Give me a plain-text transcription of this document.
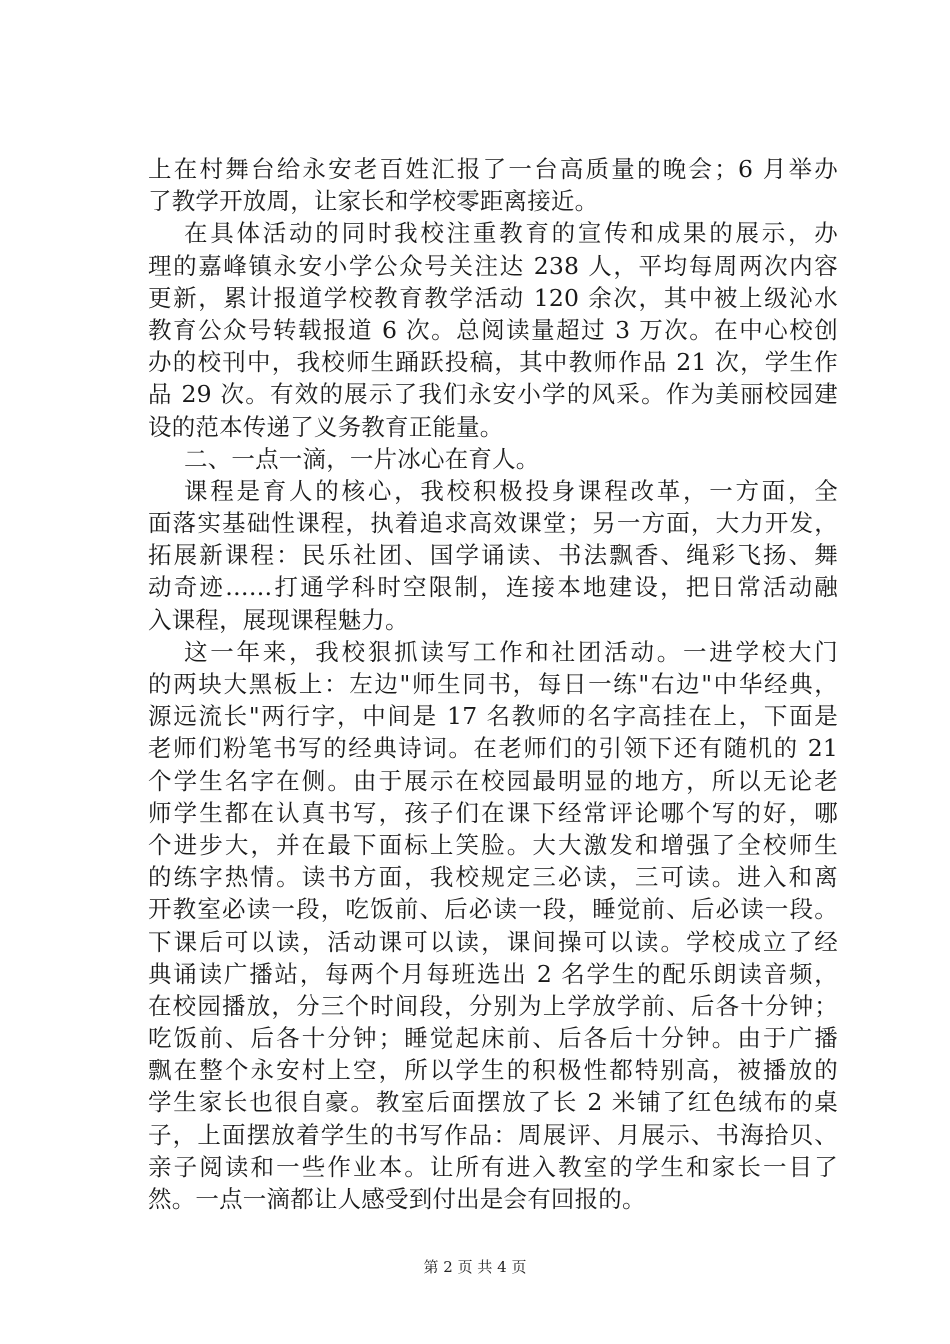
上在村舞台给永安老百姓汇报了一台高质量的晚会；6 月举办
了教学开放周，让家长和学校零距离接近。
在具体活动的同时我校注重教育的宣传和成果的展示，办
理的嘉峰镇永安小学公众号关注达 238 人，平均每周两次内容
更新，累计报道学校教育教学活动 120 余次，其中被上级沁水
教育公众号转载报道 6 次。总阅读量超过 3 万次。在中心校创
办的校刊中，我校师生踊跃投稿，其中教师作品 21 次，学生作
品 29 次。有效的展示了我们永安小学的风采。作为美丽校园建
设的范本传递了义务教育正能量。
二、一点一滴，一片冰心在育人。
课程是育人的核心，我校积极投身课程改革，一方面，全
面落实基础性课程，执着追求高效课堂；另一方面，大力开发，
拓展新课程：民乐社团、国学诵读、书法飘香、绳彩飞扬、舞
动奇迹……打通学科时空限制，连接本地建设，把日常活动融
入课程，展现课程魅力。
这一年来，我校狠抓读写工作和社团活动。一进学校大门
的两块大黑板上：左边"师生同书，每日一练"右边"中华经典，
源远流长"两行字，中间是 17 名教师的名字高挂在上，下面是
老师们粉笔书写的经典诗词。在老师们的引领下还有随机的 21
个学生名字在侧。由于展示在校园最明显的地方，所以无论老
师学生都在认真书写，孩子们在课下经常评论哪个写的好，哪
个进步大，并在最下面标上笑脸。大大激发和增强了全校师生
的练字热情。读书方面，我校规定三必读，三可读。进入和离
开教室必读一段，吃饭前、后必读一段，睡觉前、后必读一段。
下课后可以读，活动课可以读，课间操可以读。学校成立了经
典诵读广播站，每两个月每班选出 2 名学生的配乐朗读音频，
在校园播放，分三个时间段，分别为上学放学前、后各十分钟；
吃饭前、后各十分钟；睡觉起床前、后各后十分钟。由于广播
飘在整个永安村上空，所以学生的积极性都特别高，被播放的
学生家长也很自豪。教室后面摆放了长 2 米铺了红色绒布的桌
子，上面摆放着学生的书写作品：周展评、月展示、书海拾贝、
亲子阅读和一些作业本。让所有进入教室的学生和家长一目了
然。一点一滴都让人感受到付出是会有回报的。
第 2 页 共 4 页
